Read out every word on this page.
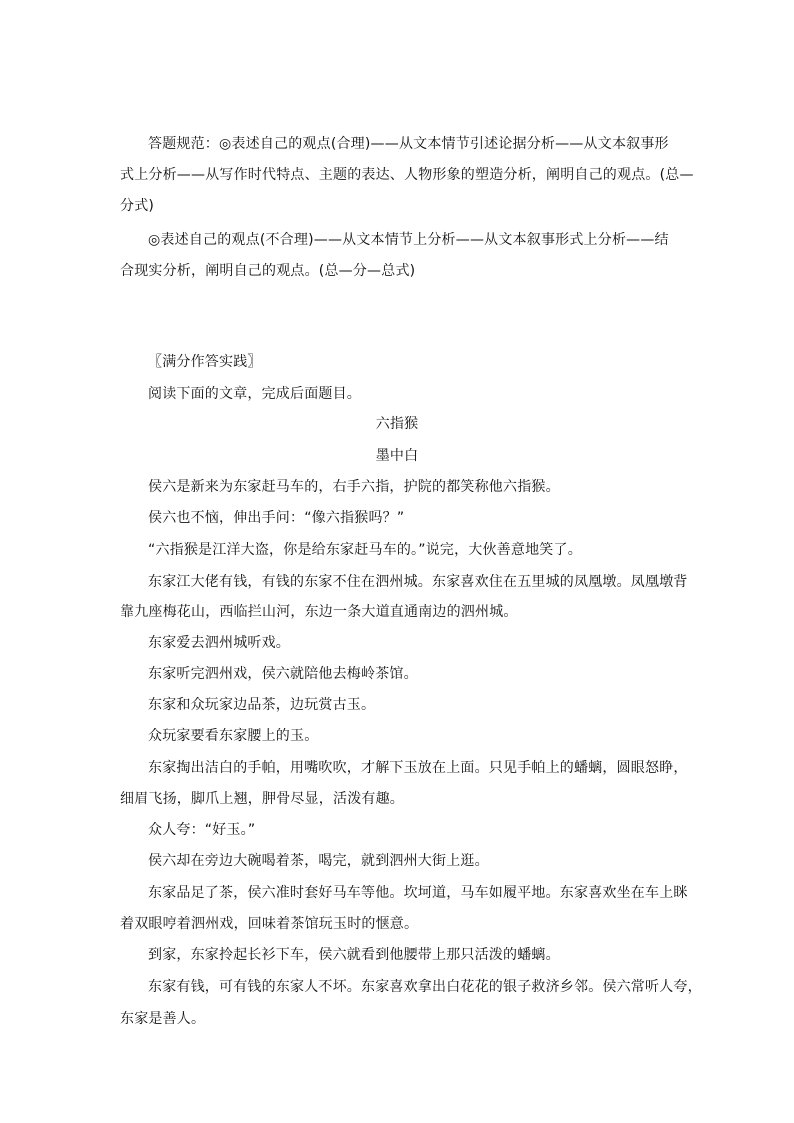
答题规范：◎表述自己的观点(合理)——从文本情节引述论据分析——从文本叙事形
式上分析——从写作时代特点、主题的表达、人物形象的塑造分析，阐明自己的观点。(总—
分式)
◎表述自己的观点(不合理)——从文本情节上分析——从文本叙事形式上分析——结
合现实分析，阐明自己的观点。(总—分—总式)
〖满分作答实践〗
阅读下面的文章，完成后面题目。
六指猴
墨中白
侯六是新来为东家赶马车的，右手六指，护院的都笑称他六指猴。
侯六也不恼，伸出手问：“像六指猴吗？”
“六指猴是江洋大盗，你是给东家赶马车的。”说完，大伙善意地笑了。
东家江大佬有钱，有钱的东家不住在泗州城。东家喜欢住在五里城的凤凰墩。凤凰墩背
靠九座梅花山，西临拦山河，东边一条大道直通南边的泗州城。
东家爱去泗州城听戏。
东家听完泗州戏，侯六就陪他去梅岭茶馆。
东家和众玩家边品茶，边玩赏古玉。
众玩家要看东家腰上的玉。
东家掏出洁白的手帕，用嘴吹吹，才解下玉放在上面。只见手帕上的蟠螭，圆眼怒睁，
细眉飞扬，脚爪上翘，胛骨尽显，活泼有趣。
众人夸：“好玉。”
侯六却在旁边大碗喝着茶，喝完，就到泗州大街上逛。
东家品足了茶，侯六准时套好马车等他。坎坷道，马车如履平地。东家喜欢坐在车上眯
着双眼哼着泗州戏，回味着茶馆玩玉时的惬意。
到家，东家拎起长衫下车，侯六就看到他腰带上那只活泼的蟠螭。
东家有钱，可有钱的东家人不坏。东家喜欢拿出白花花的银子救济乡邻。侯六常听人夸，
东家是善人。
